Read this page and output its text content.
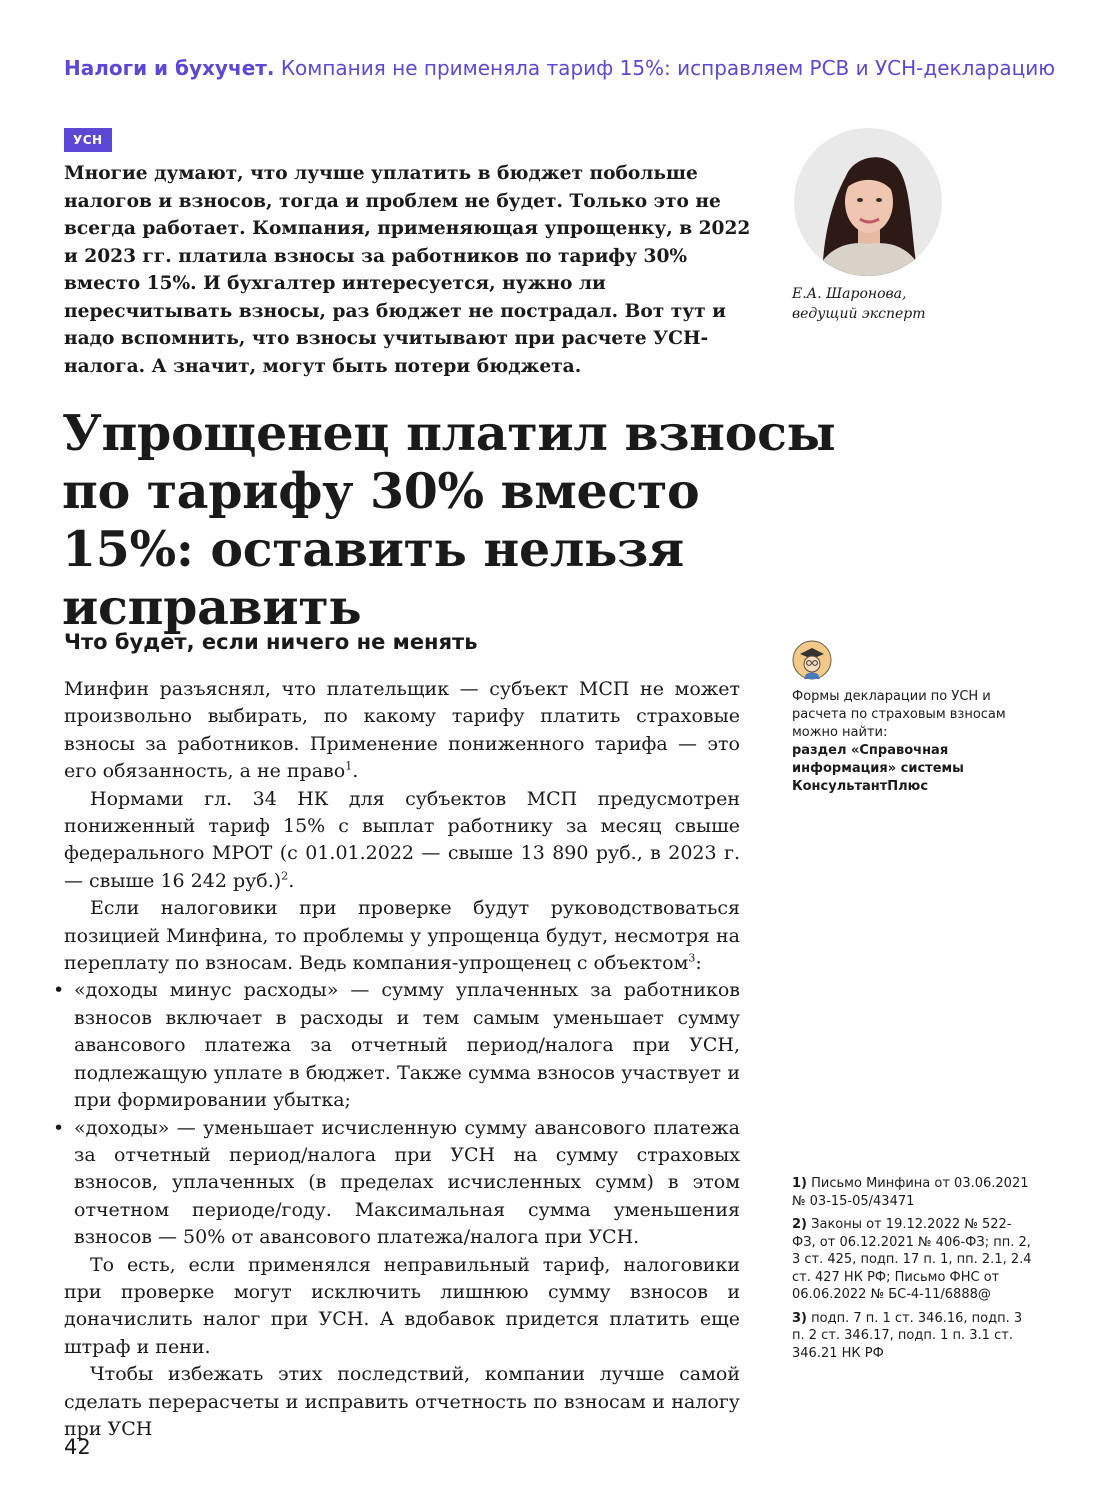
Налоги и бухучет. Компания не применяла тариф 15%: исправляем РСВ и УСН-декларацию
УСН
Многие думают, что лучше уплатить в бюджет побольше налогов и взносов, тогда и проблем не будет. Только это не всегда работает. Компания, применяющая упрощенку, в 2022 и 2023 гг. платила взносы за работников по тарифу 30% вместо 15%. И бухгалтер интересуется, нужно ли пересчитывать взносы, раз бюджет не пострадал. Вот тут и надо вспомнить, что взносы учитывают при расчете УСН-налога. А значит, могут быть потери бюджета.
Е.А. Шаронова,
ведущий эксперт
Упрощенец платил взносы по тарифу 30% вместо 15%: оставить нельзя исправить
Что будет, если ничего не менять

Минфин разъяснял, что плательщик — субъект МСП не может произвольно выбирать, по какому тарифу платить страховые взносы за работников. Применение пониженного тарифа — это его обязанность, а не право$^1$.

Нормами гл. 34 НК для субъектов МСП предусмотрен пониженный тариф 15% с выплат работнику за месяц свыше федерального МРОТ (с 01.01.2022 — свыше 13 890 руб., в 2023 г. — свыше 16 242 руб.)$^2$.

Если налоговики при проверке будут руководствоваться позицией Минфина, то проблемы у упрощенца будут, несмотря на переплату по взносам. Ведь компания-упрощенец с объектом$^3$:

• «доходы минус расходы» — сумму уплаченных за работников взносов включает в расходы и тем самым уменьшает сумму авансового платежа за отчетный период/налога при УСН, подлежащую уплате в бюджет. Также сумма взносов участвует и при формировании убытка;
• «доходы» — уменьшает исчисленную сумму авансового платежа за отчетный период/налога при УСН на сумму страховых взносов, уплаченных (в пределах исчисленных сумм) в этом отчетном периоде/году. Максимальная сумма уменьшения взносов — 50% от авансового платежа/налога при УСН.

То есть, если применялся неправильный тариф, налоговики при проверке могут исключить лишнюю сумму взносов и доначислить налог при УСН. А вдобавок придется платить еще штраф и пени.

Чтобы избежать этих последствий, компании лучше самой сделать перерасчеты и исправить отчетность по взносам и налогу при УСН

Формы декларации по УСН и расчета по страховым взносам можно найти:
раздел «Справочная информация» системы КонсультантПлюс
1) Письмо Минфина от 03.06.2021 № 03-15-05/43471
2) Законы от 19.12.2022 № 522-ФЗ, от 06.12.2021 № 406-ФЗ; пп. 2, 3 ст. 425, подп. 17 п. 1, пп. 2.1, 2.4 ст. 427 НК РФ; Письмо ФНС от 06.06.2022 № БС-4-11/6888@
3) подп. 7 п. 1 ст. 346.16, подп. 3 п. 2 ст. 346.17, подп. 1 п. 3.1 ст. 346.21 НК РФ
42
